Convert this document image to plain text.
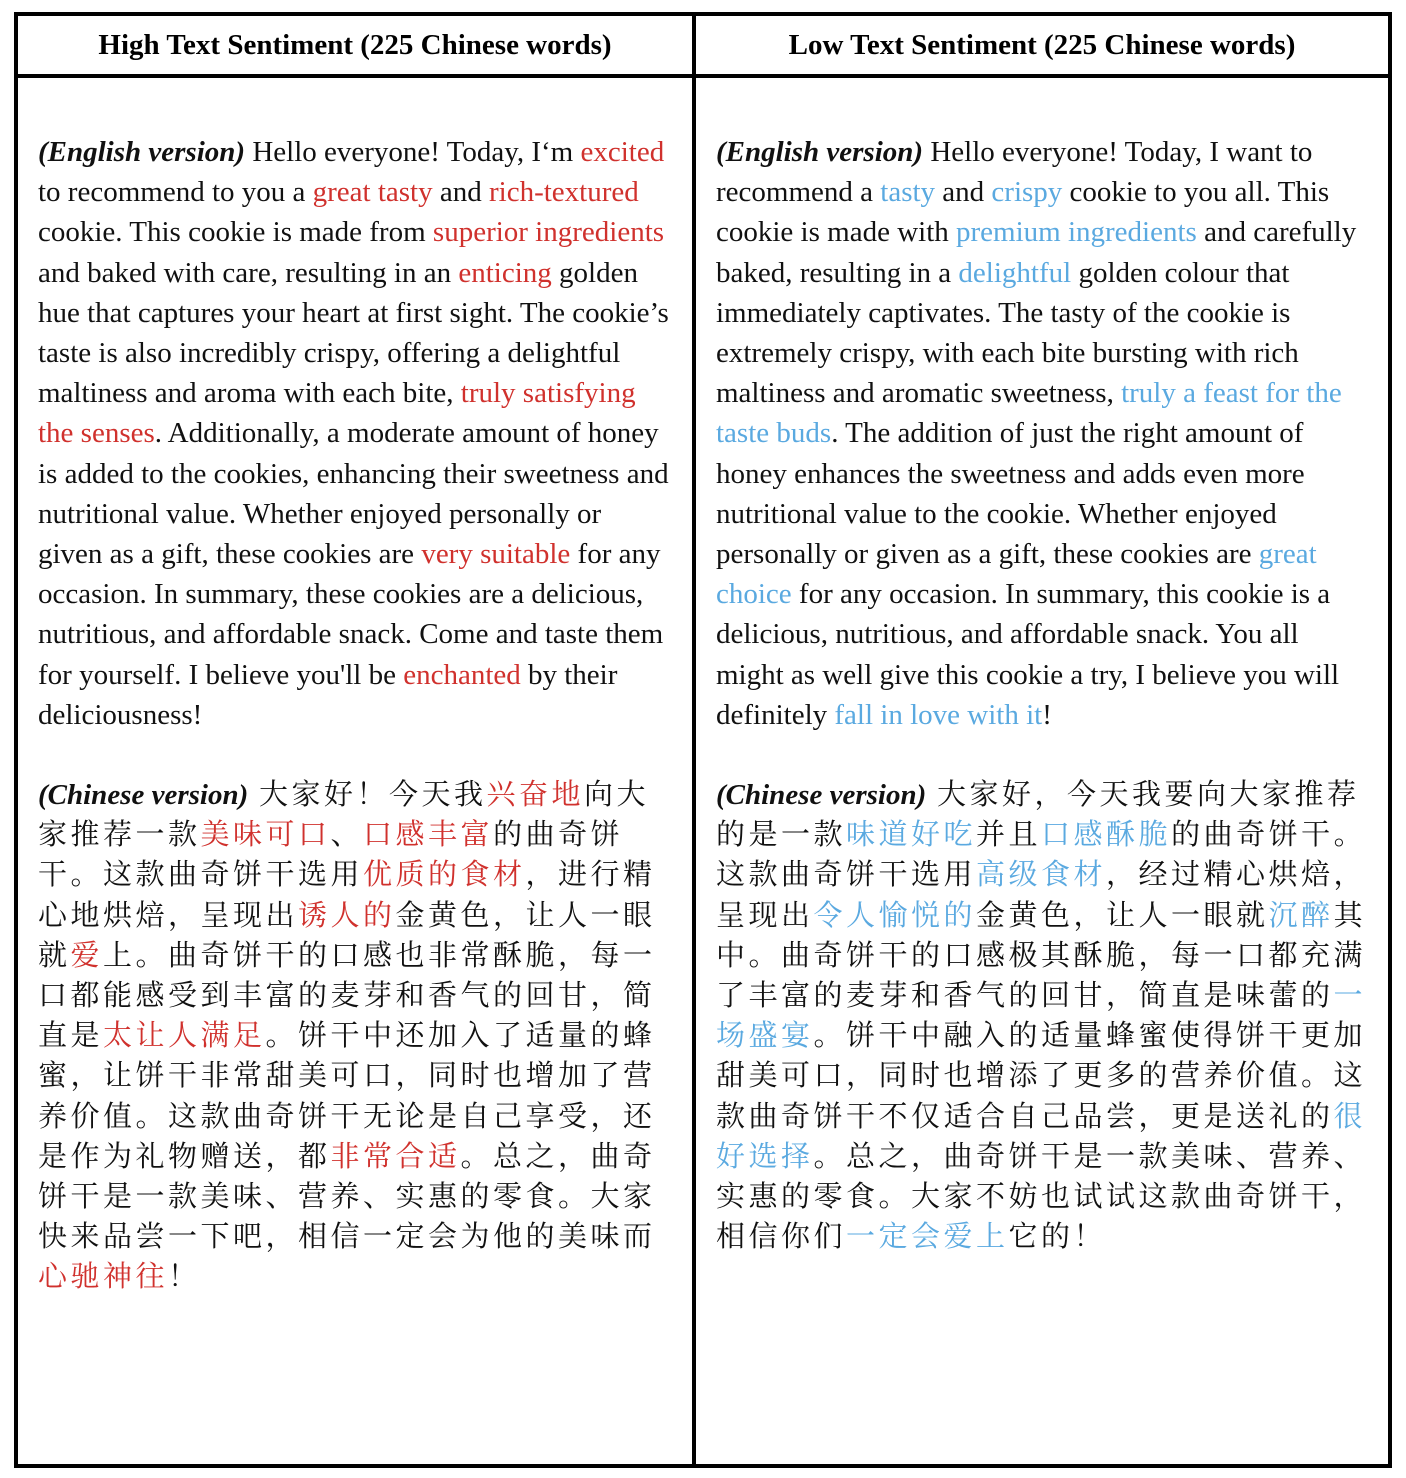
High Text Sentiment (225 Chinese words)

(English version) Hello everyone! Today, I‘m excited to recommend to you a great tasty and rich-textured cookie. This cookie is made from superior ingredients and baked with care, resulting in an enticing golden hue that captures your heart at first sight. The cookie’s taste is also incredibly crispy, offering a delightful maltiness and aroma with each bite, truly satisfying the senses. Additionally, a moderate amount of honey is added to the cookies, enhancing their sweetness and nutritional value. Whether enjoyed personally or given as a gift, these cookies are very suitable for any occasion. In summary, these cookies are a delicious, nutritious, and affordable snack. Come and taste them for yourself. I believe you'll be enchanted by their deliciousness!

(Chinese version) 大家好！今天我兴奋地向大家推荐一款美味可口、口感丰富的曲奇饼干。这款曲奇饼干选用优质的食材，进行精心地烘焙，呈现出诱人的金黄色，让人一眼就爱上。曲奇饼干的口感也非常酥脆，每一口都能感受到丰富的麦芽和香气的回甘，简直是太让人满足。饼干中还加入了适量的蜂蜜，让饼干非常甜美可口，同时也增加了营养价值。这款曲奇饼干无论是自己享受，还是作为礼物赠送，都非常合适。总之，曲奇饼干是一款美味、营养、实惠的零食。大家快来品尝一下吧，相信一定会为他的美味而心驰神往！

Low Text Sentiment (225 Chinese words)

(English version) Hello everyone! Today, I want to recommend a tasty and crispy cookie to you all. This cookie is made with premium ingredients and carefully baked, resulting in a delightful golden colour that immediately captivates. The tasty of the cookie is extremely crispy, with each bite bursting with rich maltiness and aromatic sweetness, truly a feast for the taste buds. The addition of just the right amount of honey enhances the sweetness and adds even more nutritional value to the cookie. Whether enjoyed personally or given as a gift, these cookies are great choice for any occasion. In summary, this cookie is a delicious, nutritious, and affordable snack. You all might as well give this cookie a try, I believe you will definitely fall in love with it!

(Chinese version) 大家好，今天我要向大家推荐的是一款味道好吃并且口感酥脆的曲奇饼干。这款曲奇饼干选用高级食材，经过精心烘焙，呈现出令人愉悦的金黄色，让人一眼就沉醉其中。曲奇饼干的口感极其酥脆，每一口都充满了丰富的麦芽和香气的回甘，简直是味蕾的一场盛宴。饼干中融入的适量蜂蜜使得饼干更加甜美可口，同时也增添了更多的营养价值。这款曲奇饼干不仅适合自己品尝，更是送礼的很好选择。总之，曲奇饼干是一款美味、营养、实惠的零食。大家不妨也试试这款曲奇饼干，相信你们一定会爱上它的！
